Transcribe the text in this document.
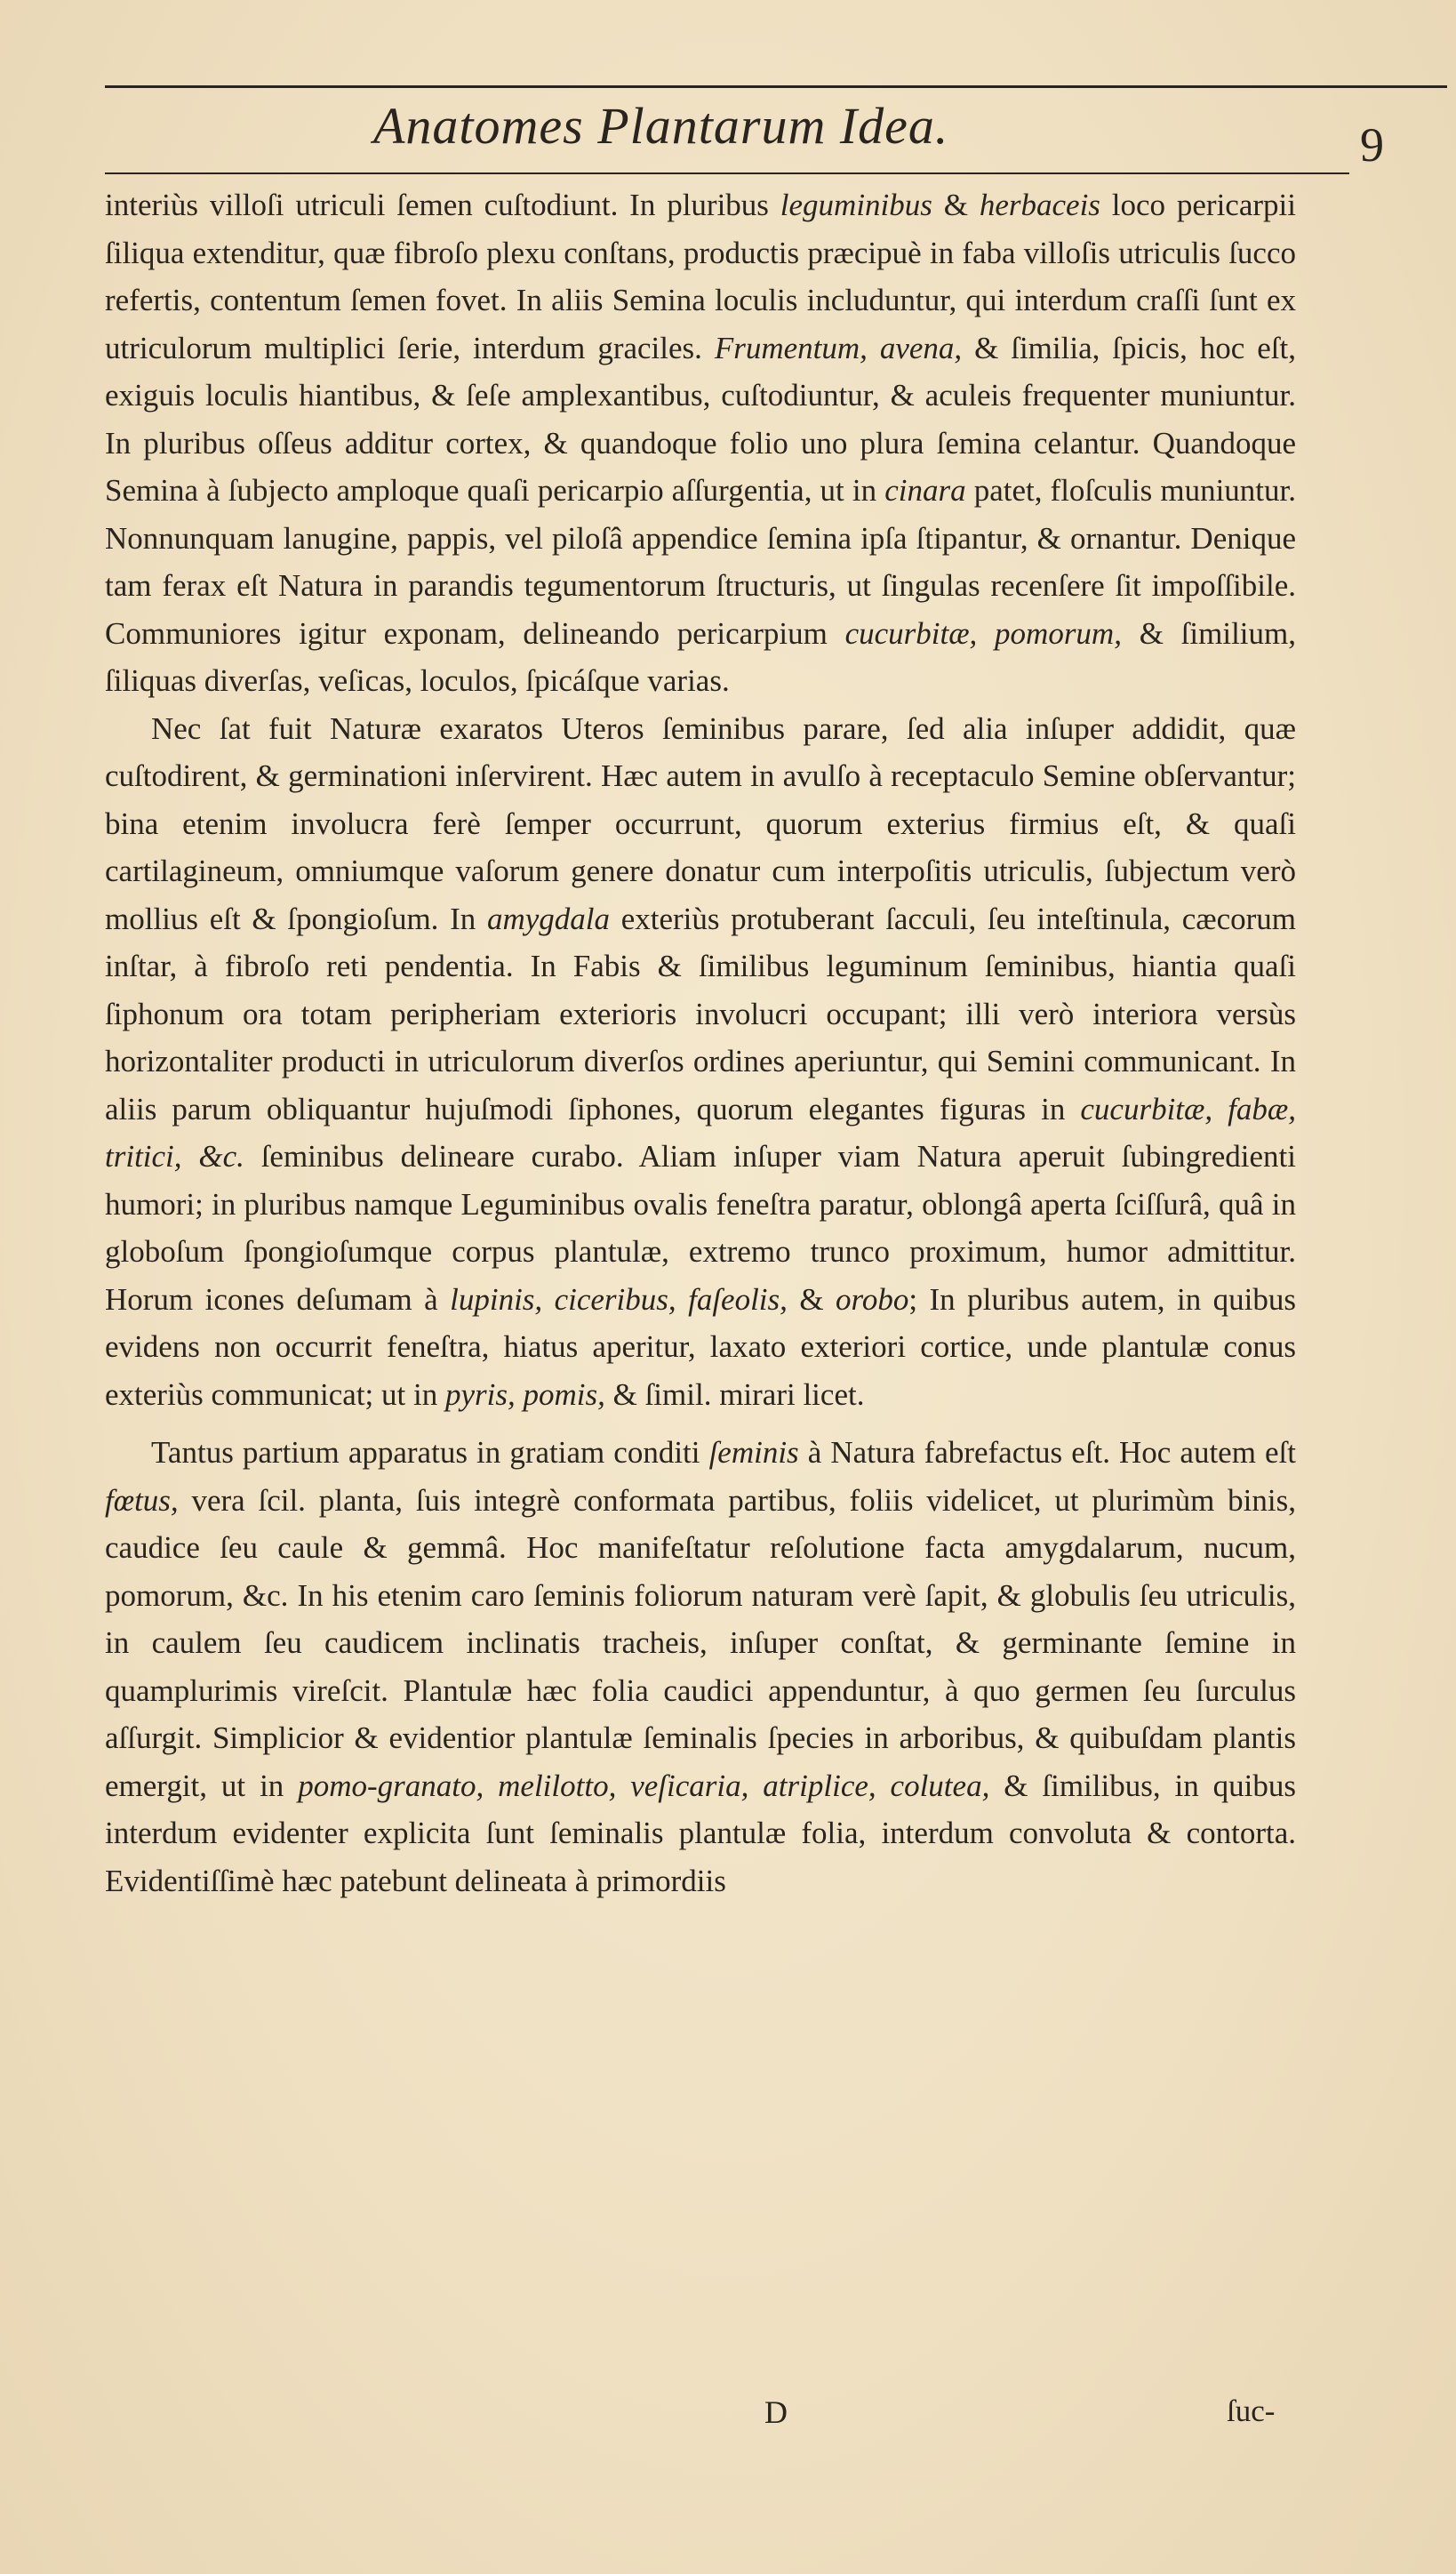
Anatomes Plantarum Idea.	9

interiùs villoſi utriculi ſemen cuſtodiunt. In pluribus leguminibus & herbaceis loco pericarpii ſiliqua extenditur, quæ fibroſo plexu conſtans, productis præcipuè in faba villoſis utriculis ſucco refertis, contentum ſemen fovet. In aliis Semina loculis includuntur, qui interdum craſſi ſunt ex utriculorum multiplici ſerie, interdum graciles. Frumentum, avena, & ſimilia, ſpicis, hoc eſt, exiguis loculis hiantibus, & ſeſe amplexantibus, cuſtodiuntur, & aculeis frequenter muniuntur. In pluribus oſſeus additur cortex, & quandoque folio uno plura ſemina celantur. Quandoque Semina à ſubjecto amploque quaſi pericarpio aſſurgentia, ut in cinara patet, floſculis muniuntur. Nonnunquam lanugine, pappis, vel piloſâ appendice ſemina ipſa ſtipantur, & ornantur. Denique tam ferax eſt Natura in parandis tegumentorum ſtructuris, ut ſingulas recenſere ſit impoſſibile. Communiores igitur exponam, delineando pericarpium cucurbitæ, pomorum, & ſimilium, ſiliquas diverſas, veſicas, loculos, ſpicáſque varias.

Nec ſat fuit Naturæ exaratos Uteros ſeminibus parare, ſed alia inſuper addidit, quæ cuſtodirent, & germinationi inſervirent. Hæc autem in avulſo à receptaculo Semine obſervantur; bina etenim involucra ferè ſemper occurrunt, quorum exterius firmius eſt, & quaſi cartilagineum, omniumque vaſorum genere donatur cum interpoſitis utriculis, ſubjectum verò mollius eſt & ſpongioſum. In amygdala exteriùs protuberant ſacculi, ſeu inteſtinula, cæcorum inſtar, à fibroſo reti pendentia. In Fabis & ſimilibus leguminum ſeminibus, hiantia quaſi ſiphonum ora totam peripheriam exterioris involucri occupant; illi verò interiora versùs horizontaliter producti in utriculorum diverſos ordines aperiuntur, qui Semini communicant. In aliis parum obliquantur hujuſmodi ſiphones, quorum elegantes figuras in cucurbitæ, fabæ, tritici, &c. ſeminibus delineare curabo. Aliam inſuper viam Natura aperuit ſubingredienti humori; in pluribus namque Leguminibus ovalis feneſtra paratur, oblongâ aperta ſciſſurâ, quâ in globoſum ſpongioſumque corpus plantulæ, extremo trunco proximum, humor admittitur. Horum icones deſumam à lupinis, ciceribus, faſeolis, & orobo; In pluribus autem, in quibus evidens non occurrit feneſtra, hiatus aperitur, laxato exteriori cortice, unde plantulæ conus exteriùs communicat; ut in pyris, pomis, & ſimil. mirari licet.

Tantus partium apparatus in gratiam conditi ſeminis à Natura fabrefactus eſt. Hoc autem eſt fœtus, vera ſcil. planta, ſuis integrè conformata partibus, foliis videlicet, ut plurimùm binis, caudice ſeu caule & gemmâ. Hoc manifeſtatur reſolutione facta amygdalarum, nucum, pomorum, &c. In his etenim caro ſeminis foliorum naturam verè ſapit, & globulis ſeu utriculis, in caulem ſeu caudicem inclinatis tracheis, inſuper conſtat, & germinante ſemine in quamplurimis vireſcit. Plantulæ hæc folia caudici appenduntur, à quo germen ſeu ſurculus aſſurgit. Simplicior & evidentior plantulæ ſeminalis ſpecies in arboribus, & quibuſdam plantis emergit, ut in pomo-granato, melilotto, veſicaria, atriplice, colutea, & ſimilibus, in quibus interdum evidenter explicita ſunt ſeminalis plantulæ folia, interdum convoluta & contorta. Evidentiſſimè hæc patebunt delineata à primordiis

D	ſuc-
